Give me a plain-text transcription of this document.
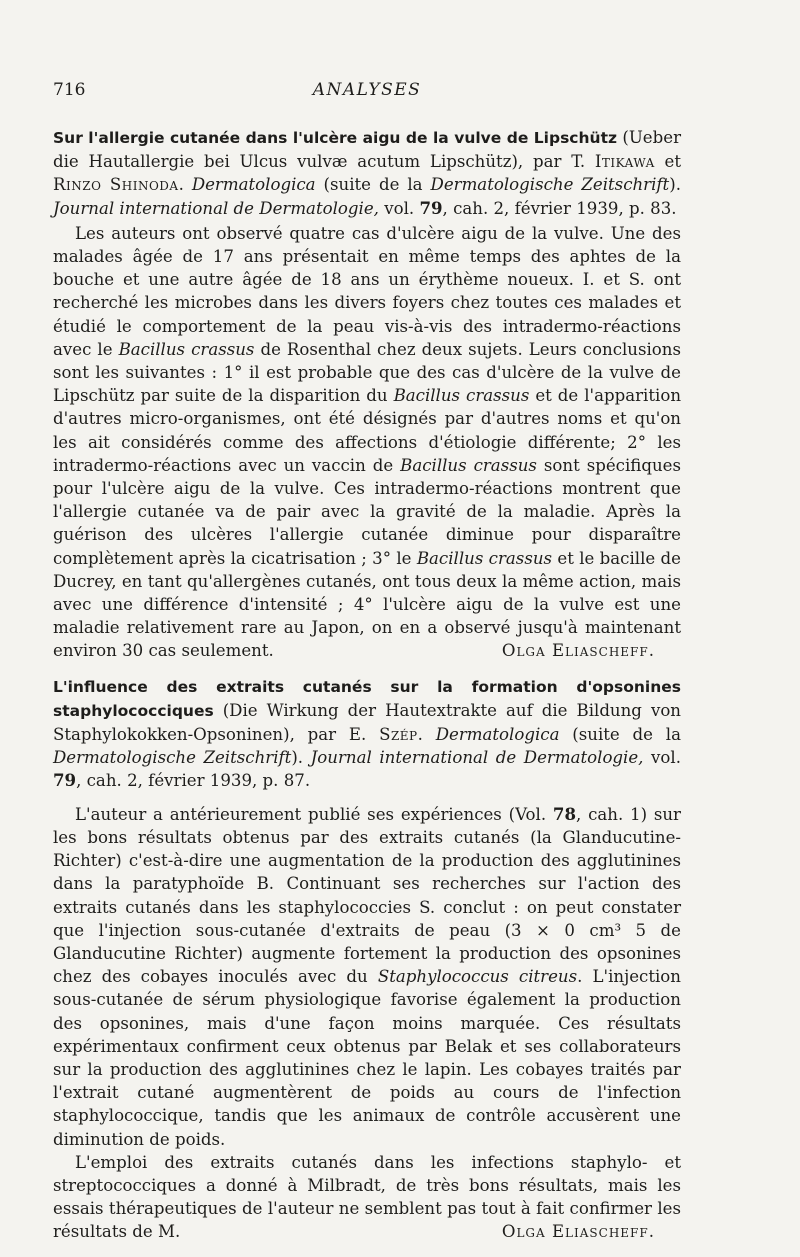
716	ANALYSES

Sur l'allergie cutanée dans l'ulcère aigu de la vulve de Lipschütz (Ueber die Hautallergie bei Ulcus vulvæ acutum Lipschütz), par T. Itikawa et Rinzo Shinoda. Dermatologica (suite de la Dermatologische Zeitschrift). Journal international de Dermatologie, vol. 79, cah. 2, février 1939, p. 83.

Les auteurs ont observé quatre cas d'ulcère aigu de la vulve. Une des malades âgée de 17 ans présentait en même temps des aphtes de la bouche et une autre âgée de 18 ans un érythème noueux. I. et S. ont recherché les microbes dans les divers foyers chez toutes ces malades et étudié le comportement de la peau vis-à-vis des intradermo-réactions avec le Bacillus crassus de Rosenthal chez deux sujets. Leurs conclusions sont les suivantes : 1° il est probable que des cas d'ulcère de la vulve de Lipschütz par suite de la disparition du Bacillus crassus et de l'apparition d'autres micro-organismes, ont été désignés par d'autres noms et qu'on les ait considérés comme des affections d'étiologie différente; 2° les intradermo-réactions avec un vaccin de Bacillus crassus sont spécifiques pour l'ulcère aigu de la vulve. Ces intradermo-réactions montrent que l'allergie cutanée va de pair avec la gravité de la maladie. Après la guérison des ulcères l'allergie cutanée diminue pour disparaître complètement après la cicatrisation ; 3° le Bacillus crassus et le bacille de Ducrey, en tant qu'allergènes cutanés, ont tous deux la même action, mais avec une différence d'intensité ; 4° l'ulcère aigu de la vulve est une maladie relativement rare au Japon, on en a observé jusqu'à maintenant environ 30 cas seulement.	Olga Eliascheff.

L'influence des extraits cutanés sur la formation d'opsonines staphylococciques (Die Wirkung der Hautextrakte auf die Bildung von Staphylokokken-Opsoninen), par E. Szép. Dermatologica (suite de la Dermatologische Zeitschrift). Journal international de Dermatologie, vol. 79, cah. 2, février 1939, p. 87.

L'auteur a antérieurement publié ses expériences (Vol. 78, cah. 1) sur les bons résultats obtenus par des extraits cutanés (la Glanducutine-Richter) c'est-à-dire une augmentation de la production des agglutinines dans la paratyphoïde B. Continuant ses recherches sur l'action des extraits cutanés dans les staphylococcies S. conclut : on peut constater que l'injection sous-cutanée d'extraits de peau (3 × 0 cm³ 5 de Glanducutine Richter) augmente fortement la production des opsonines chez des cobayes inoculés avec du Staphylococcus citreus. L'injection sous-cutanée de sérum physiologique favorise également la production des opsonines, mais d'une façon moins marquée. Ces résultats expérimentaux confirment ceux obtenus par Belak et ses collaborateurs sur la production des agglutinines chez le lapin. Les cobayes traités par l'extrait cutané augmentèrent de poids au cours de l'infection staphylococcique, tandis que les animaux de contrôle accusèrent une diminution de poids.

L'emploi des extraits cutanés dans les infections staphylo- et streptococciques a donné à Milbradt, de très bons résultats, mais les essais thérapeutiques de l'auteur ne semblent pas tout à fait confirmer les résultats de M.	Olga Eliascheff.
